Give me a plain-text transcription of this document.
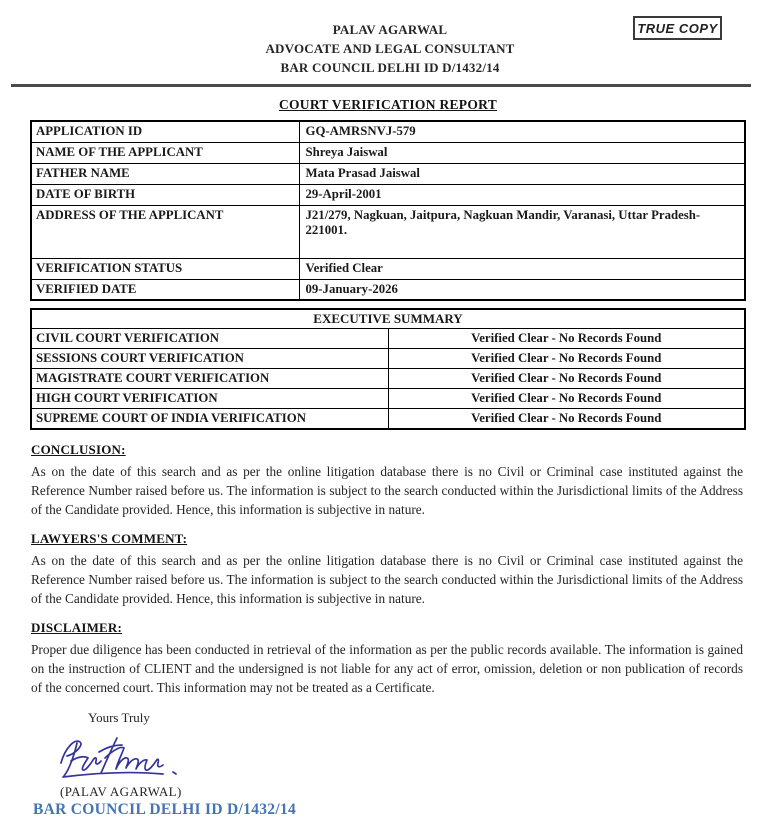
TRUE COPY
PALAV AGARWAL
ADVOCATE AND LEGAL CONSULTANT
BAR COUNCIL DELHI ID D/1432/14
COURT VERIFICATION REPORT
APPLICATION ID	GQ-AMRSNVJ-579
NAME OF THE APPLICANT	Shreya Jaiswal
FATHER NAME	Mata Prasad Jaiswal
DATE OF BIRTH	29-April-2001
ADDRESS OF THE APPLICANT	J21/279, Nagkuan, Jaitpura, Nagkuan Mandir, Varanasi, Uttar Pradesh-221001.
VERIFICATION STATUS	Verified Clear
VERIFIED DATE	09-January-2026
EXECUTIVE SUMMARY	
CIVIL COURT VERIFICATION	Verified Clear - No Records Found
SESSIONS COURT VERIFICATION	Verified Clear - No Records Found
MAGISTRATE COURT VERIFICATION	Verified Clear - No Records Found
HIGH COURT VERIFICATION	Verified Clear - No Records Found
SUPREME COURT OF INDIA VERIFICATION	Verified Clear - No Records Found
CONCLUSION:

As on the date of this search and as per the online litigation database there is no Civil or Criminal case instituted against the Reference Number raised before us. The information is subject to the search conducted within the Jurisdictional limits of the Address of the Candidate provided. Hence, this information is subjective in nature.

LAWYERS'S COMMENT:

As on the date of this search and as per the online litigation database there is no Civil or Criminal case instituted against the Reference Number raised before us. The information is subject to the search conducted within the Jurisdictional limits of the Address of the Candidate provided. Hence, this information is subjective in nature.

DISCLAIMER:

Proper due diligence has been conducted in retrieval of the information as per the public records available. The information is gained on the instruction of CLIENT and the undersigned is not liable for any act of error, omission, deletion or non publication of records of the concerned court. This information may not be treated as a Certificate.

Yours Truly
(PALAV AGARWAL)
BAR COUNCIL DELHI ID D/1432/14
